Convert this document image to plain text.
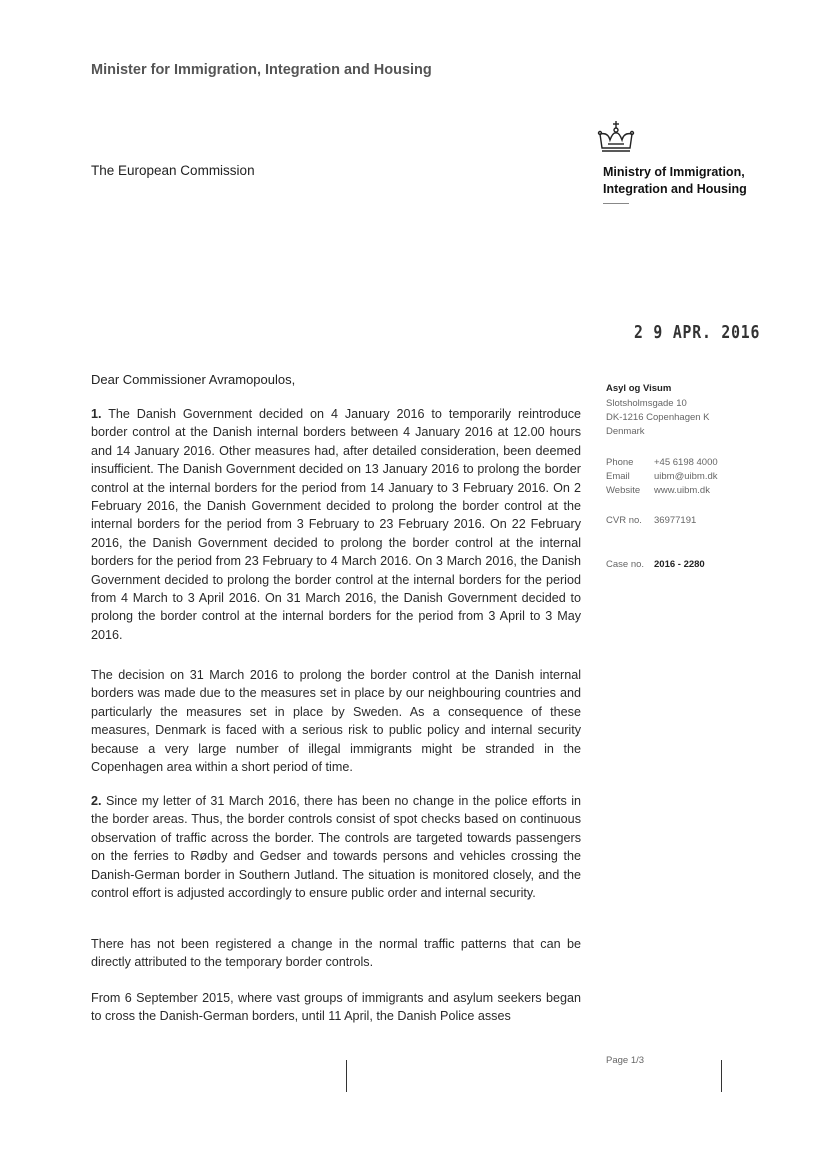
Minister for Immigration, Integration and Housing
The European Commission	Ministry of Immigration,
Integration and Housing
2 9 APR. 2016
Asyl og Visum
Slotsholmsgade 10
DK-1216 Copenhagen K
Denmark
Phone	+45 6198 4000
Email	uibm@uibm.dk
Website	www.uibm.dk
CVR no.	36977191
Case no.	2016 - 2280
Dear Commissioner Avramopoulos,

1. The Danish Government decided on 4 January 2016 to temporarily reintroduce border control at the Danish internal borders between 4 January 2016 at 12.00 hours and 14 January 2016. Other measures had, after detailed consideration, been deemed insufficient. The Danish Government decided on 13 January 2016 to prolong the border control at the internal borders for the period from 14 January to 3 February 2016. On 2 February 2016, the Danish Government decided to prolong the border control at the internal borders for the period from 3 February to 23 February 2016. On 22 February 2016, the Danish Government decided to prolong the border control at the internal borders for the period from 23 February to 4 March 2016. On 3 March 2016, the Danish Government decided to prolong the border control at the internal borders for the period from 4 March to 3 April 2016. On 31 March 2016, the Danish Government decided to prolong the border control at the internal borders for the period from 3 April to 3 May 2016.

The decision on 31 March 2016 to prolong the border control at the Danish internal borders was made due to the measures set in place by our neighbouring countries and particularly the measures set in place by Sweden. As a consequence of these measures, Denmark is faced with a serious risk to public policy and internal security because a very large number of illegal immigrants might be stranded in the Copenhagen area within a short period of time.

2. Since my letter of 31 March 2016, there has been no change in the police efforts in the border areas. Thus, the border controls consist of spot checks based on continuous observation of traffic across the border. The controls are targeted towards passengers on the ferries to Rødby and Gedser and towards persons and vehicles crossing the Danish-German border in Southern Jutland. The situation is monitored closely, and the control effort is adjusted accordingly to ensure public order and internal security.

There has not been registered a change in the normal traffic patterns that can be directly attributed to the temporary border controls.

From 6 September 2015, where vast groups of immigrants and asylum seekers began to cross the Danish-German borders, until 11 April, the Danish Police asses

Page 1/3
